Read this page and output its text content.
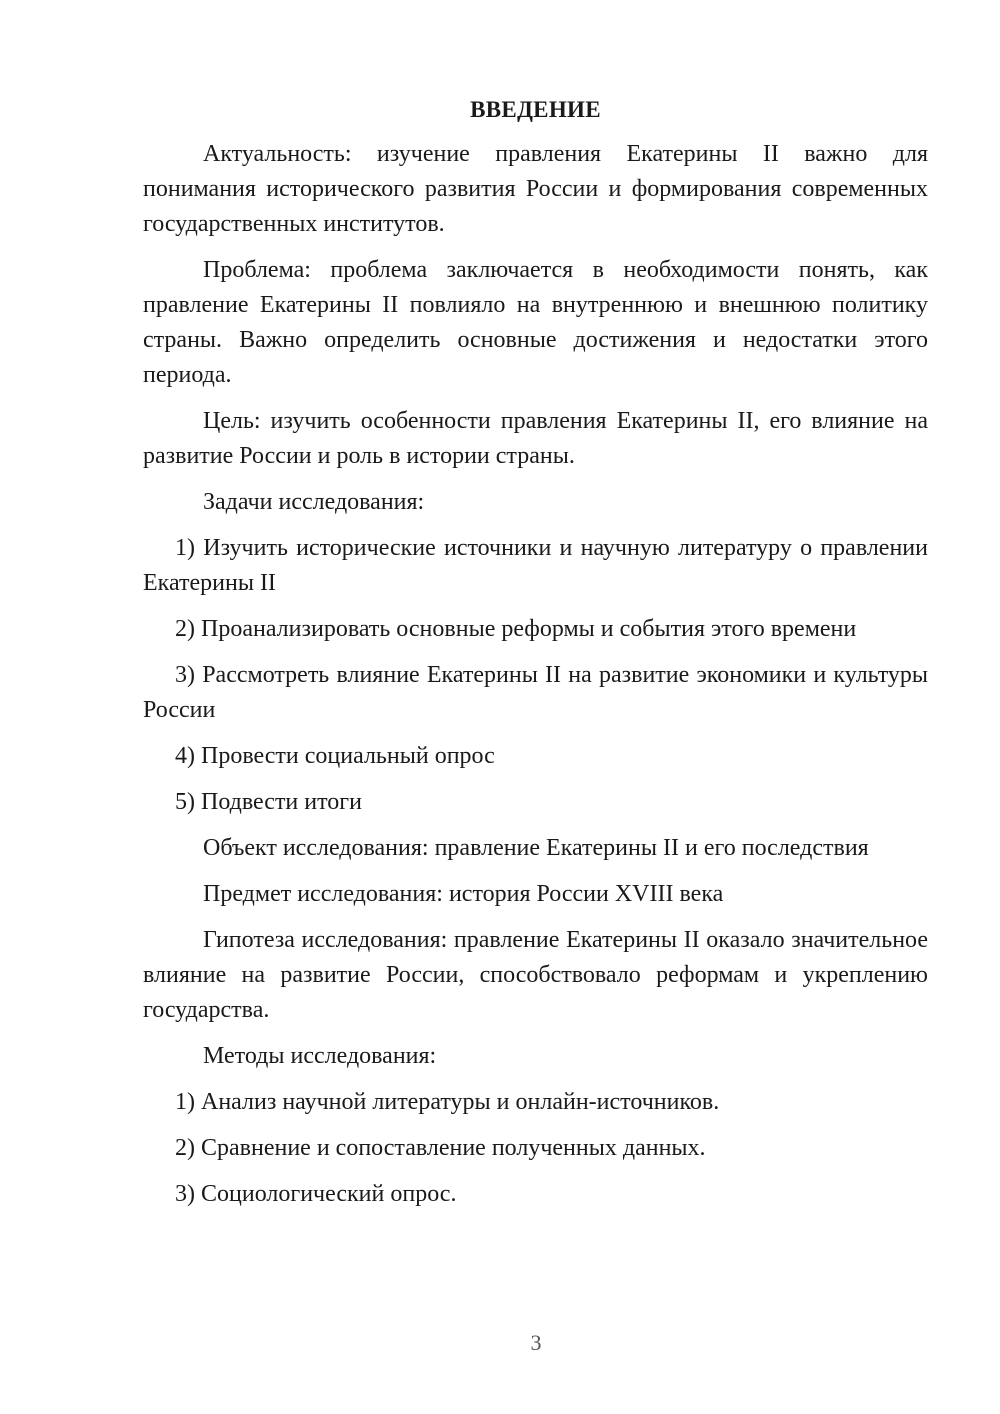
ВВЕДЕНИЕ

Актуальность: изучение правления Екатерины II важно для понимания исторического развития России и формирования современных государственных институтов.

Проблема: проблема заключается в необходимости понять, как правление Екатерины II повлияло на внутреннюю и внешнюю политику страны. Важно определить основные достижения и недостатки этого периода.

Цель: изучить особенности правления Екатерины II, его влияние на развитие России и роль в истории страны.

Задачи исследования:

1) Изучить исторические источники и научную литературу о правлении Екатерины II

2) Проанализировать основные реформы и события этого времени

3) Рассмотреть влияние Екатерины II на развитие экономики и культуры России

4) Провести социальный опрос

5) Подвести итоги

Объект исследования: правление Екатерины II и его последствия

Предмет исследования: история России XVIII века

Гипотеза исследования: правление Екатерины II оказало значительное влияние на развитие России, способствовало реформам и укреплению государства.

Методы исследования:

1) Анализ научной литературы и онлайн-источников.

2) Сравнение и сопоставление полученных данных.

3) Социологический опрос.

3
